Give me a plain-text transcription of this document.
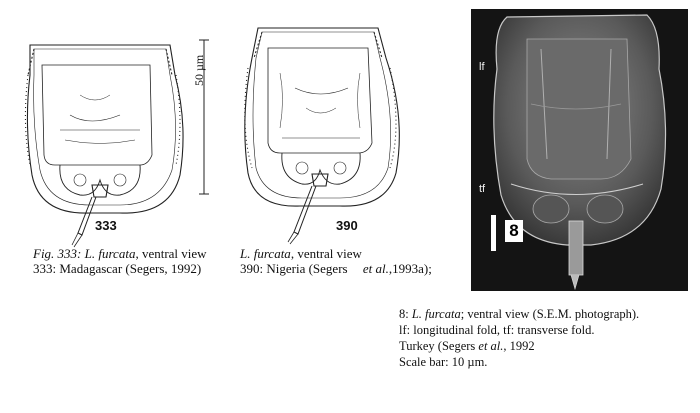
333
50 µm
Fig. 333: L. furcata, ventral view
333: Madagascar (Segers, 1992)
390
L. furcata, ventral view
390: Nigeria (Segers et al.,1993a);
lf
tf
8
8: L. furcata; ventral view (S.E.M. photograph).
lf: longitudinal fold, tf: transverse fold.
Turkey (Segers et al., 1992
Scale bar: 10 µm.
